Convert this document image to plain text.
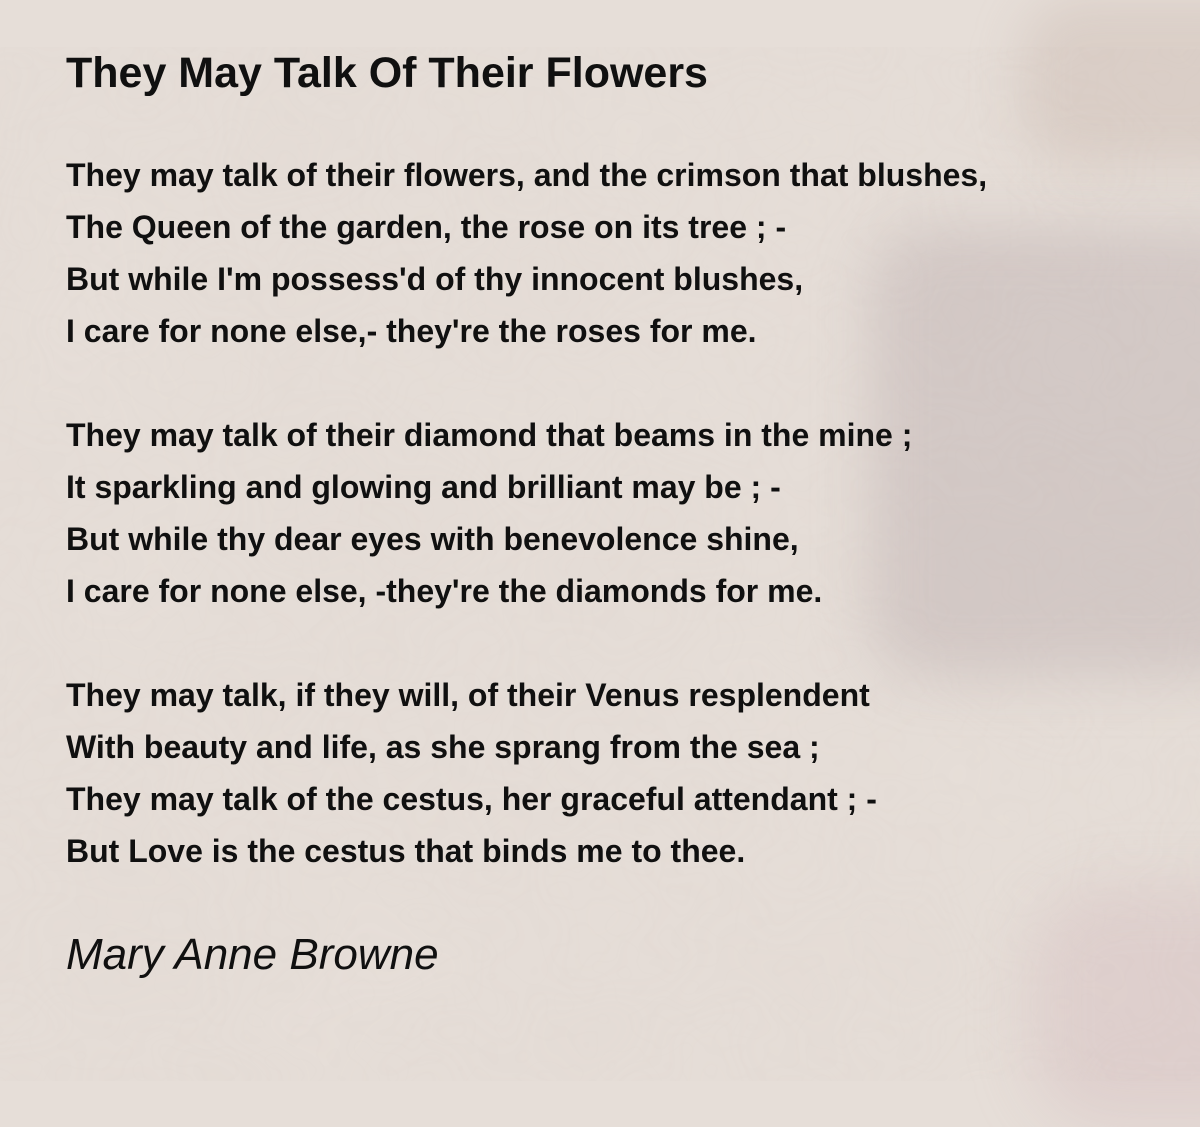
They May Talk Of Their Flowers
They may talk of their flowers, and the crimson that blushes,
The Queen of the garden, the rose on its tree ; -
But while I'm possess'd of thy innocent blushes,
I care for none else,- they're the roses for me.
They may talk of their diamond that beams in the mine ;
It sparkling and glowing and brilliant may be ; -
But while thy dear eyes with benevolence shine,
I care for none else, -they're the diamonds for me.
They may talk, if they will, of their Venus resplendent
With beauty and life, as she sprang from the sea ;
They may talk of the cestus, her graceful attendant ; -
But Love is the cestus that binds me to thee.
Mary Anne Browne
